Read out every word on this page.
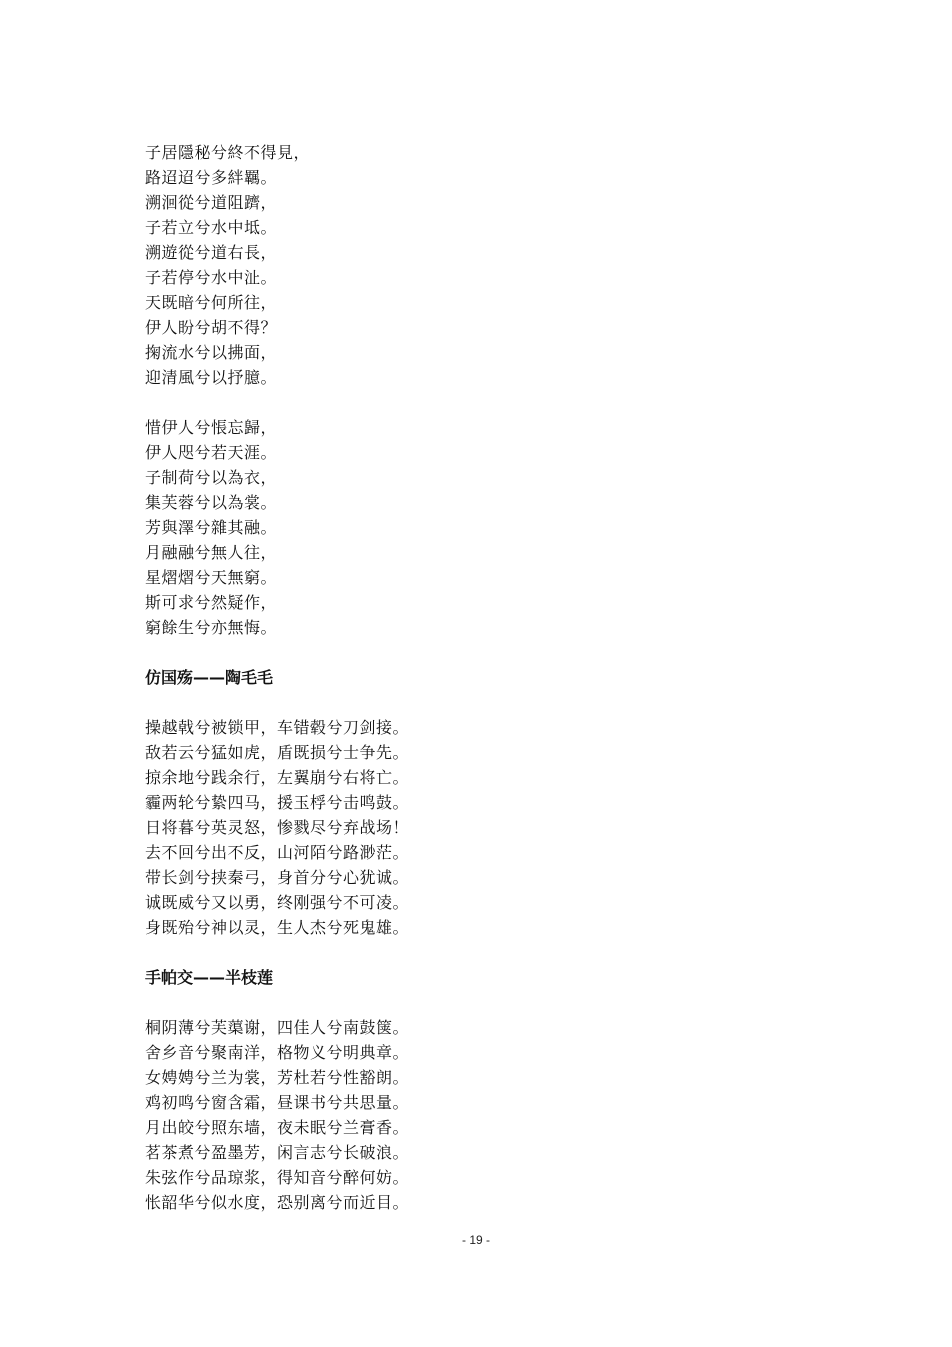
子居隱秘兮終不得見，
路迢迢兮多絆羈。
溯洄從兮道阻躋，
子若立兮水中坻。
溯遊從兮道右長，
子若停兮水中沚。
天既暗兮何所往，
伊人盼兮胡不得？
掬流水兮以拂面，
迎清風兮以抒臆。
惜伊人兮悵忘歸，
伊人咫兮若天涯。
子制荷兮以為衣，
集芙蓉兮以為裳。
芳與澤兮雜其融。
月融融兮無人往，
星熠熠兮天無窮。
斯可求兮然疑作，
窮餘生兮亦無悔。
仿国殇——陶毛毛
操越戟兮被锁甲，车错毂兮刀剑接。
敌若云兮猛如虎，盾既损兮士争先。
掠余地兮践余行，左翼崩兮右将亡。
霾两轮兮絷四马，援玉桴兮击鸣鼓。
日将暮兮英灵怒，惨戮尽兮弃战场！
去不回兮出不反，山河陌兮路渺茫。
带长剑兮挟秦弓，身首分兮心犹诚。
诚既威兮又以勇，终刚强兮不可凌。
身既殆兮神以灵，生人杰兮死鬼雄。
手帕交——半枝莲
桐阴薄兮芙蕖谢，四佳人兮南鼓箧。
舍乡音兮聚南洋，格物义兮明典章。
女娉娉兮兰为裳，芳杜若兮性豁朗。
鸡初鸣兮窗含霜，昼课书兮共思量。
月出皎兮照东墙，夜未眠兮兰膏香。
茗茶煮兮盈墨芳，闲言志兮长破浪。
朱弦作兮品琼浆，得知音兮醉何妨。
怅韶华兮似水度，恐别离兮而近目。
- 19 -
